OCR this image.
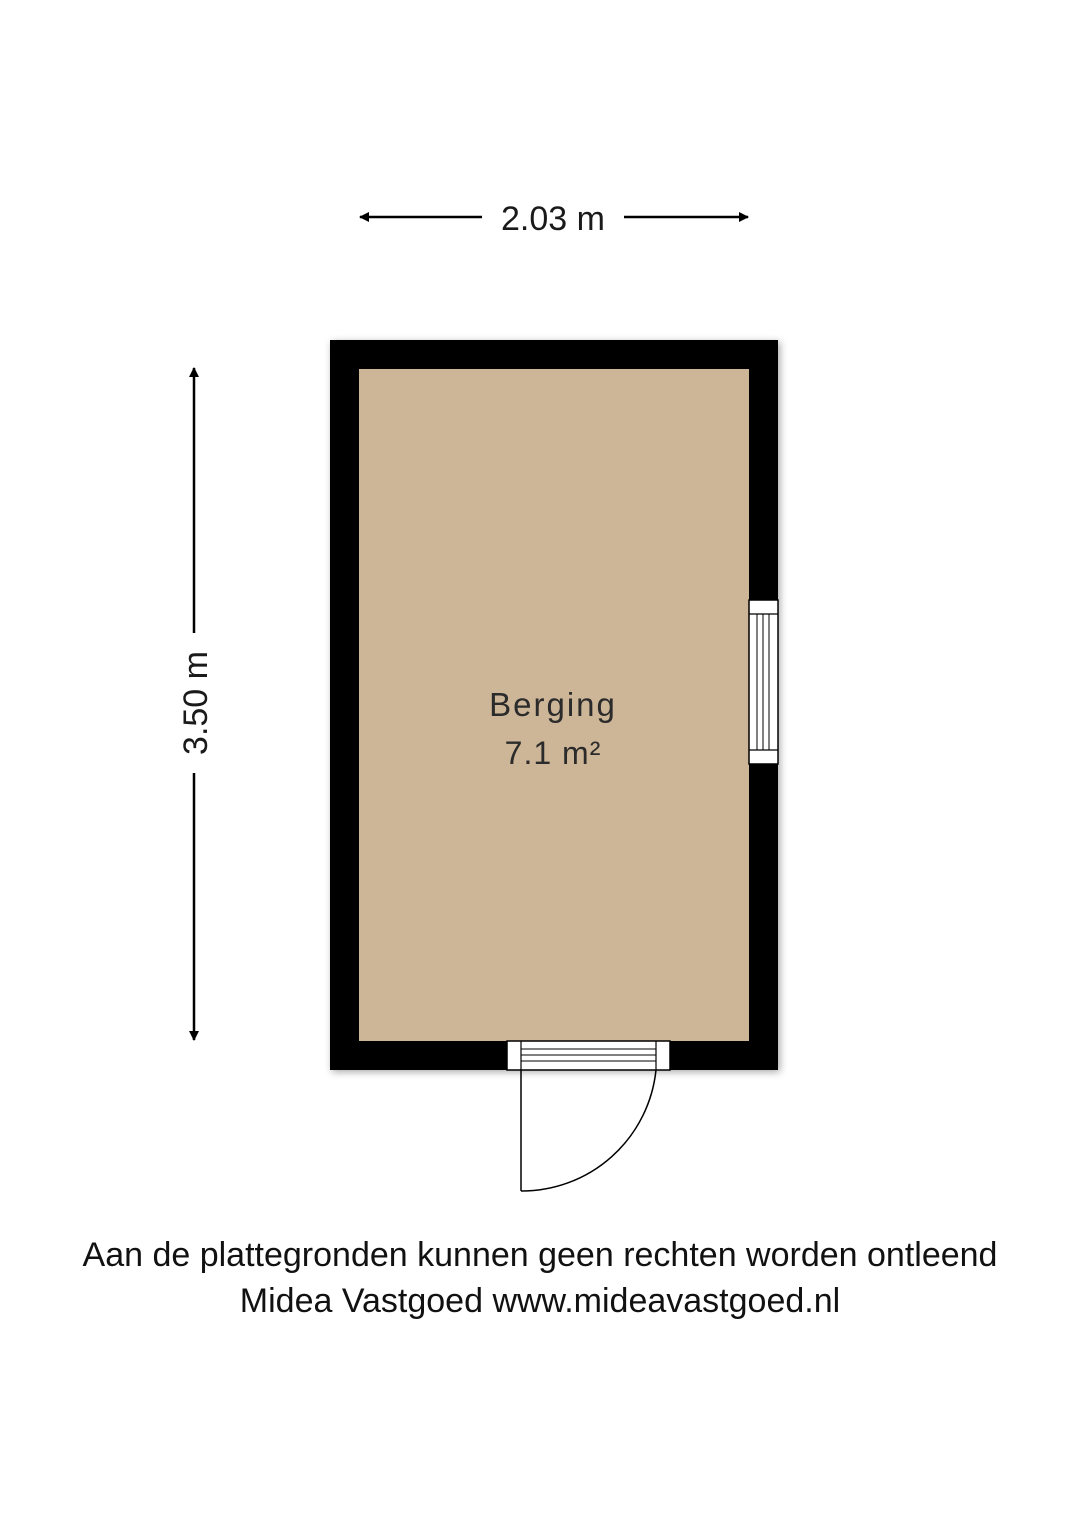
2.03 m
3.50 m	Berging
7.1 m²
Aan de plattegronden kunnen geen rechten worden ontleend
Midea Vastgoed www.mideavastgoed.nl
